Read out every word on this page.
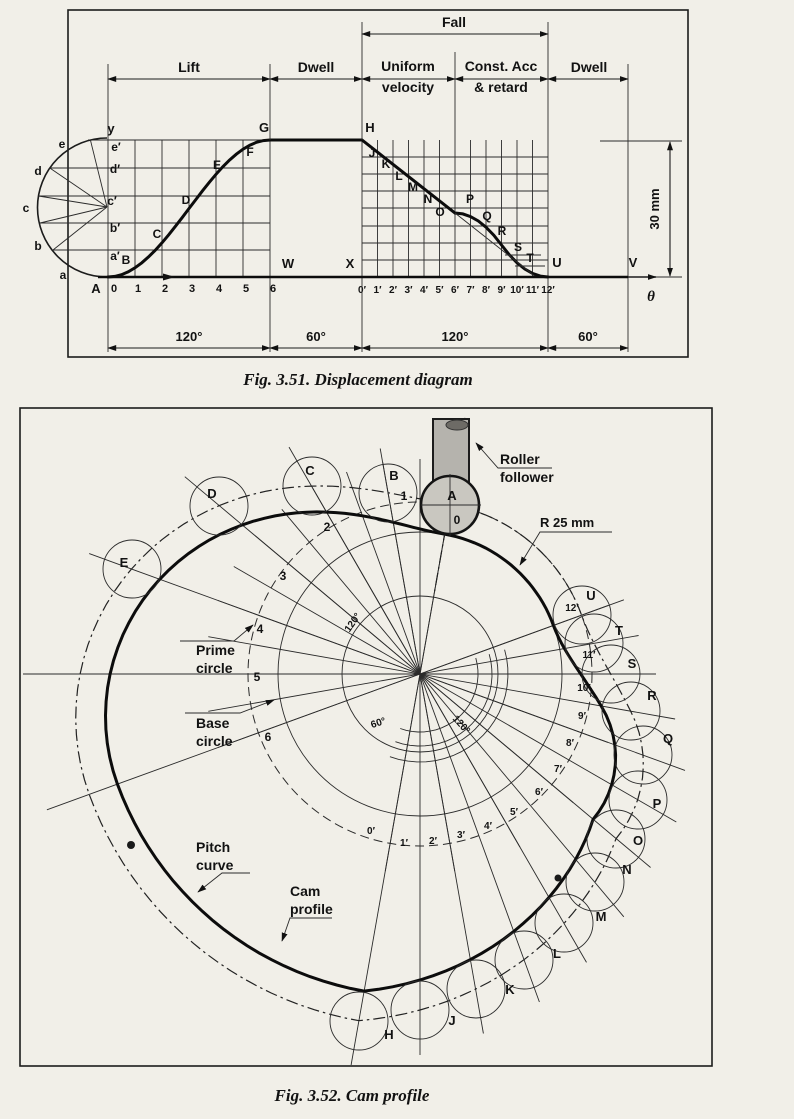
0 1 2 3 4 5 6	0′ 1′ 2′ 3′ 4′ 5′ 6′ 7′ 8′ 9′ 10′ 11′ 12′
a
b
c
d
e
a′
b′
c′
d′
e′
B
C
D
E
F	J
K
L
M
N
O
P
Q
R
S
T
Lift	Dwell	Uniform
velocity
Const. Acc
& retard
Dwell
Fall
120°	60°	120°	60°
30 mm
θ
y
A
G	H
W	X	U	V
Fig. 3.51. Displacement diagram
A
B
C
D
E
H
J
K
L
M
N
O
P
Q
R
S
T
U
0
1
2
3
4
5
6
0′
1′ 2′
3′
4′
5′
6′
7′
8′
9′
10′
11′
12′
Roller
follower
R 25 mm
Prime
circle
Base
circle
Pitch
curve
Cam
profile
120°
60°	120°
Fig. 3.52. Cam profile
